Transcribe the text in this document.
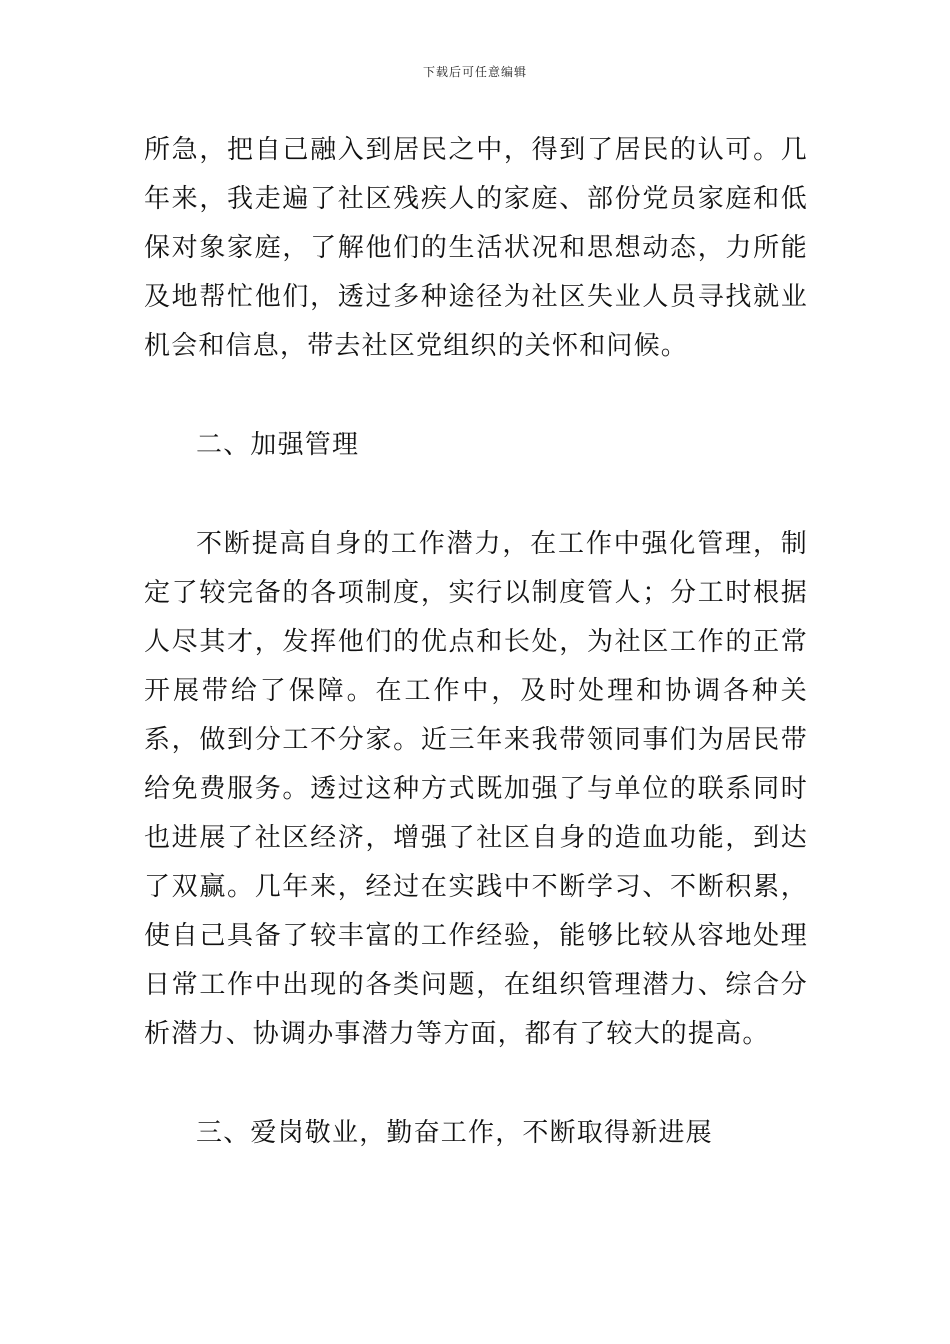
下载后可任意编辑

所急，把自己融入到居民之中，得到了居民的认可。几年来，我走遍了社区残疾人的家庭、部份党员家庭和低保对象家庭，了解他们的生活状况和思想动态，力所能及地帮忙他们，透过多种途径为社区失业人员寻找就业机会和信息，带去社区党组织的关怀和问候。

二、加强管理

不断提高自身的工作潜力，在工作中强化管理，制定了较完备的各项制度，实行以制度管人；分工时根据人尽其才，发挥他们的优点和长处，为社区工作的正常开展带给了保障。在工作中，及时处理和协调各种关系，做到分工不分家。近三年来我带领同事们为居民带给免费服务。透过这种方式既加强了与单位的联系同时也进展了社区经济，增强了社区自身的造血功能，到达了双赢。几年来，经过在实践中不断学习、不断积累，使自己具备了较丰富的工作经验，能够比较从容地处理日常工作中出现的各类问题，在组织管理潜力、综合分析潜力、协调办事潜力等方面，都有了较大的提高。

三、爱岗敬业，勤奋工作，不断取得新进展
